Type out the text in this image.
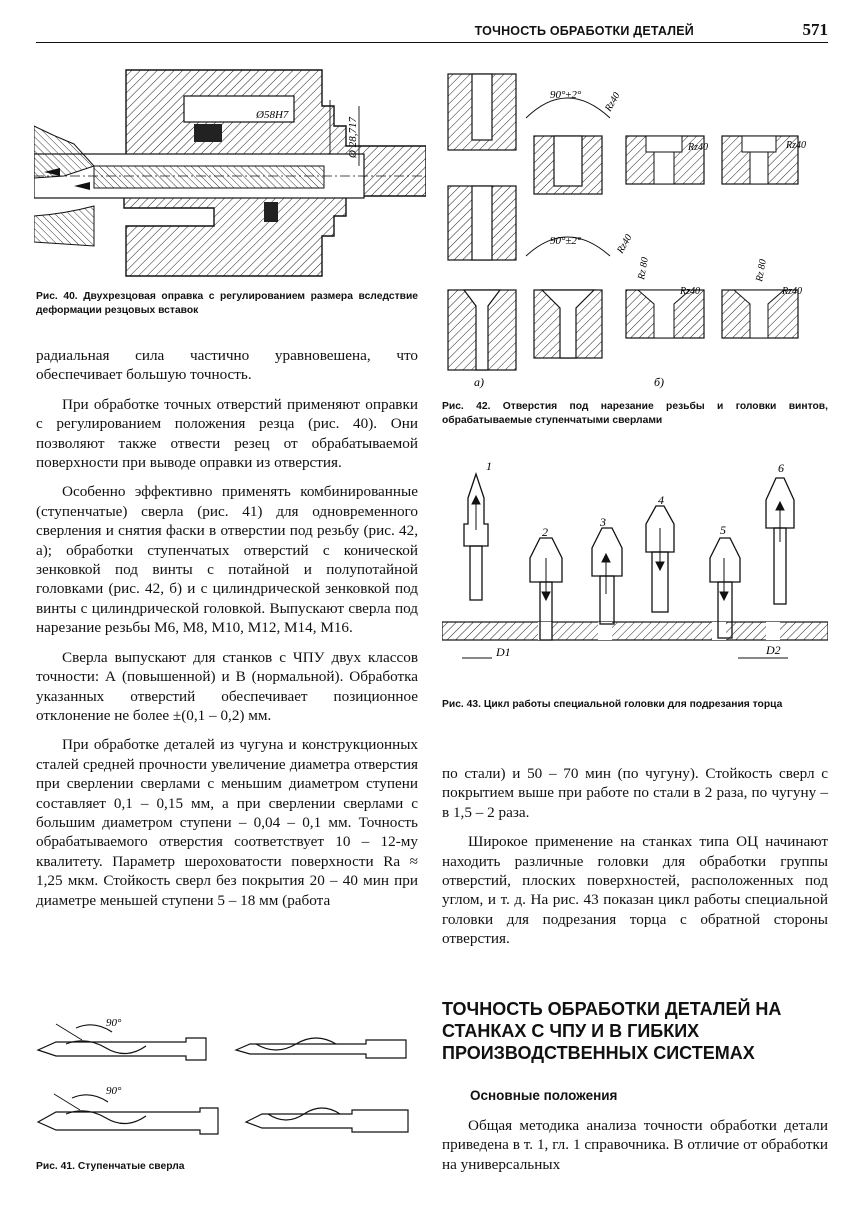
ТОЧНОСТЬ ОБРАБОТКИ ДЕТАЛЕЙ	571
Ø58H7
Ø 28,717
Рис. 40. Двухрезцовая оправка с регулированием размера вследствие деформации резцовых вставок
90°±2° Rz40
Rz40	Rz40
90°±2°	Rz40
Rz 80
Rz40
Rz 80
Rz40
а)	б)
Рис. 42. Отверстия под нарезание резьбы и головки винтов, обрабатываемые ступенчатыми сверлами
1
2
3
4
5
6
D1	D2
Рис. 43. Цикл работы специальной головки для подрезания торца

радиальная сила частично уравновешена, что обеспечивает большую точность.

При обработке точных отверстий применяют оправки с регулированием положения резца (рис. 40). Они позволяют также отвести резец от обрабатываемой поверхности при выводе оправки из отверстия.

Особенно эффективно применять комбинированные (ступенчатые) сверла (рис. 41) для одновременного сверления и снятия фаски в отверстии под резьбу (рис. 42, а); обработки ступенчатых отверстий с конической зенковкой под винты с потайной и полупотайной головками (рис. 42, б) и с цилиндрической зенковкой под винты с цилиндрической головкой. Выпускают сверла под нарезание резьбы М6, М8, М10, М12, М14, М16.

Сверла выпускают для станков с ЧПУ двух классов точности: А (повышенной) и В (нормальной). Обработка указанных отверстий обеспечивает позиционное отклонение не более ±(0,1 – 0,2) мм.

При обработке деталей из чугуна и конструкционных сталей средней прочности увеличение диаметра отверстия при сверлении сверлами с меньшим диаметром ступени составляет 0,1 – 0,15 мм, а при сверлении сверлами с большим диаметром ступени – 0,04 – 0,1 мм. Точность обрабатываемого отверстия соответствует 10 – 12-му квалитету. Параметр шероховатости поверхности Ra ≈ 1,25 мкм. Стойкость сверл без покрытия 20 – 40 мин при диаметре меньшей ступени 5 – 18 мм (работа

90°
90°
Рис. 41. Ступенчатые сверла

по стали) и 50 – 70 мин (по чугуну). Стойкость сверл с покрытием выше при работе по стали в 2 раза, по чугуну – в 1,5 – 2 раза.

Широкое применение на станках типа ОЦ начинают находить различные головки для обработки группы отверстий, плоских поверхностей, расположенных под углом, и т. д. На рис. 43 показан цикл работы специальной головки для подрезания торца с обратной стороны отверстия.

ТОЧНОСТЬ ОБРАБОТКИ ДЕТАЛЕЙ НА СТАНКАХ С ЧПУ И В ГИБКИХ ПРОИЗВОДСТВЕННЫХ СИСТЕМАХ
Основные положения

Общая методика анализа точности обработки детали приведена в т. 1, гл. 1 справочника. В отличие от обработки на универсальных
